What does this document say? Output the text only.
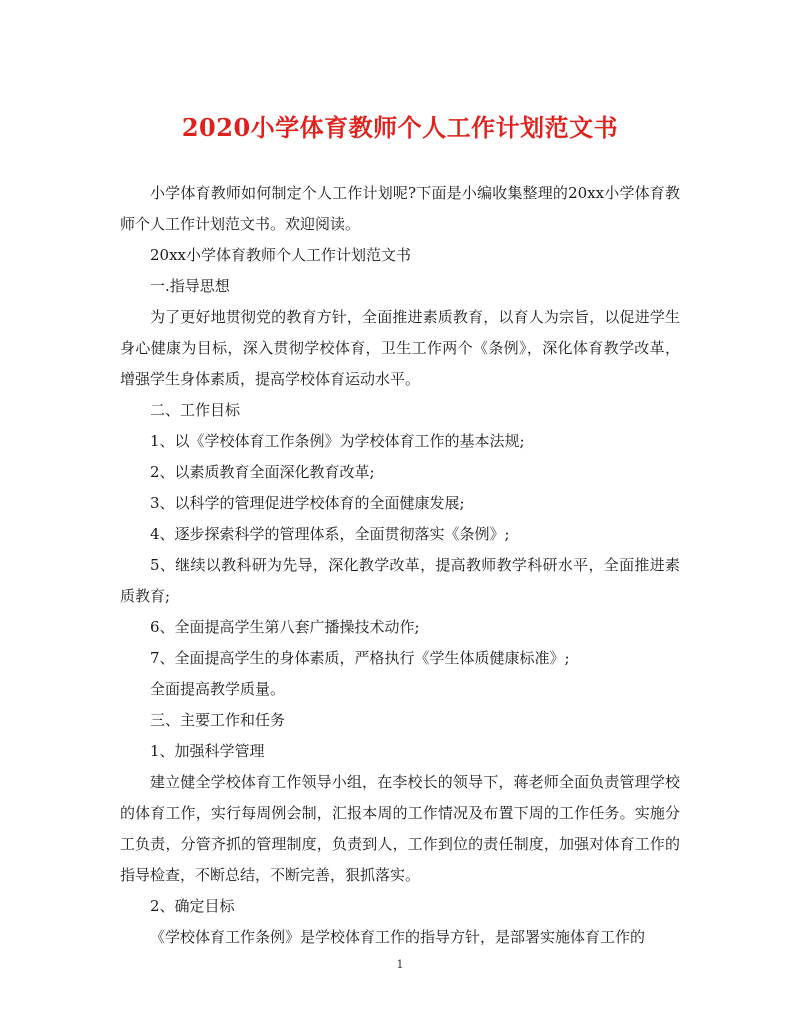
2020小学体育教师个人工作计划范文书

小学体育教师如何制定个人工作计划呢?下面是小编收集整理的20xx小学体育教师个人工作计划范文书。欢迎阅读。

20xx小学体育教师个人工作计划范文书

一.指导思想

为了更好地贯彻党的教育方针，全面推进素质教育，以育人为宗旨，以促进学生身心健康为目标，深入贯彻学校体育，卫生工作两个《条例》，深化体育教学改革，增强学生身体素质，提高学校体育运动水平。

二、工作目标

1、以《学校体育工作条例》为学校体育工作的基本法规;

2、以素质教育全面深化教育改革;

3、以科学的管理促进学校体育的全面健康发展;

4、逐步探索科学的管理体系，全面贯彻落实《条例》;

5、继续以教科研为先导，深化教学改革，提高教师教学科研水平，全面推进素质教育;

6、全面提高学生第八套广播操技术动作;

7、全面提高学生的身体素质，严格执行《学生体质健康标准》;

全面提高教学质量。

三、主要工作和任务

1、加强科学管理

建立健全学校体育工作领导小组，在李校长的领导下，蒋老师全面负责管理学校的体育工作，实行每周例会制，汇报本周的工作情况及布置下周的工作任务。实施分工负责，分管齐抓的管理制度，负责到人，工作到位的责任制度，加强对体育工作的指导检查，不断总结，不断完善，狠抓落实。

2、确定目标

《学校体育工作条例》是学校体育工作的指导方针，是部署实施体育工作的

1
